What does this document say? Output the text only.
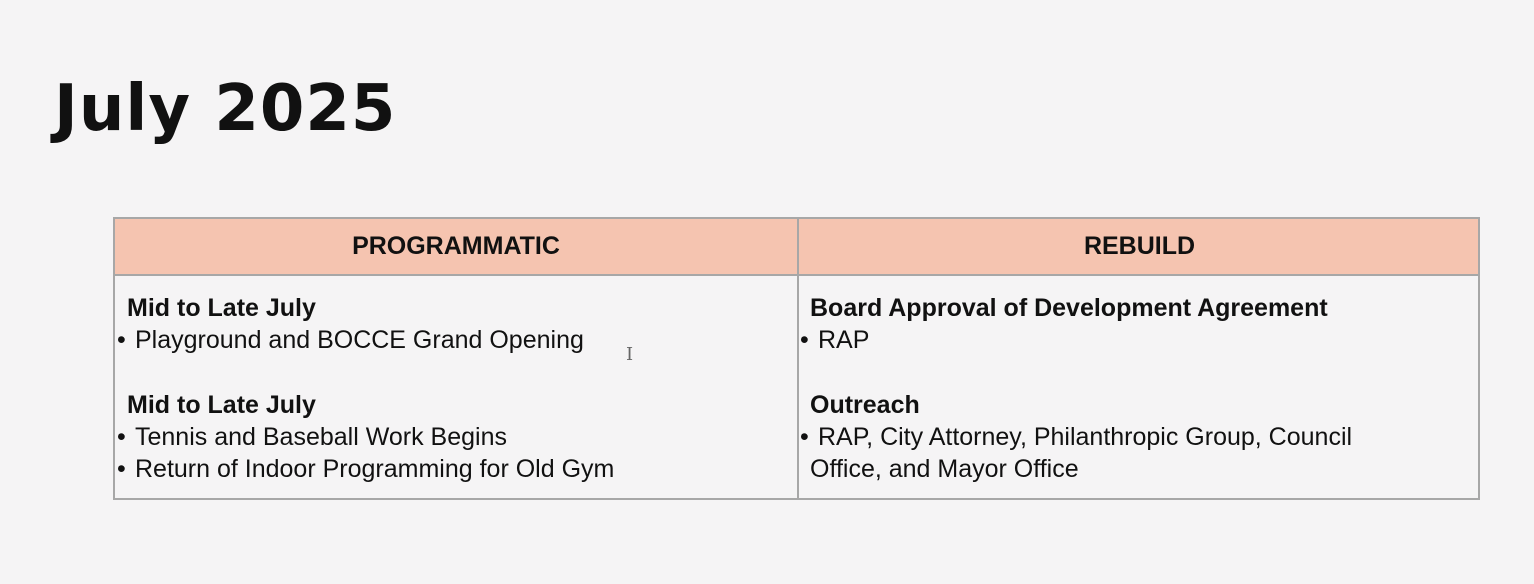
July 2025
PROGRAMMATIC	REBUILD
Mid to Late July
• Playground and BOCCE Grand Opening
Mid to Late July
• Tennis and Baseball Work Begins
• Return of Indoor Programming for Old Gym
Board Approval of Development Agreement
• RAP
Outreach
• RAP, City Attorney, Philanthropic Group, Council
Office, and Mayor Office
I
